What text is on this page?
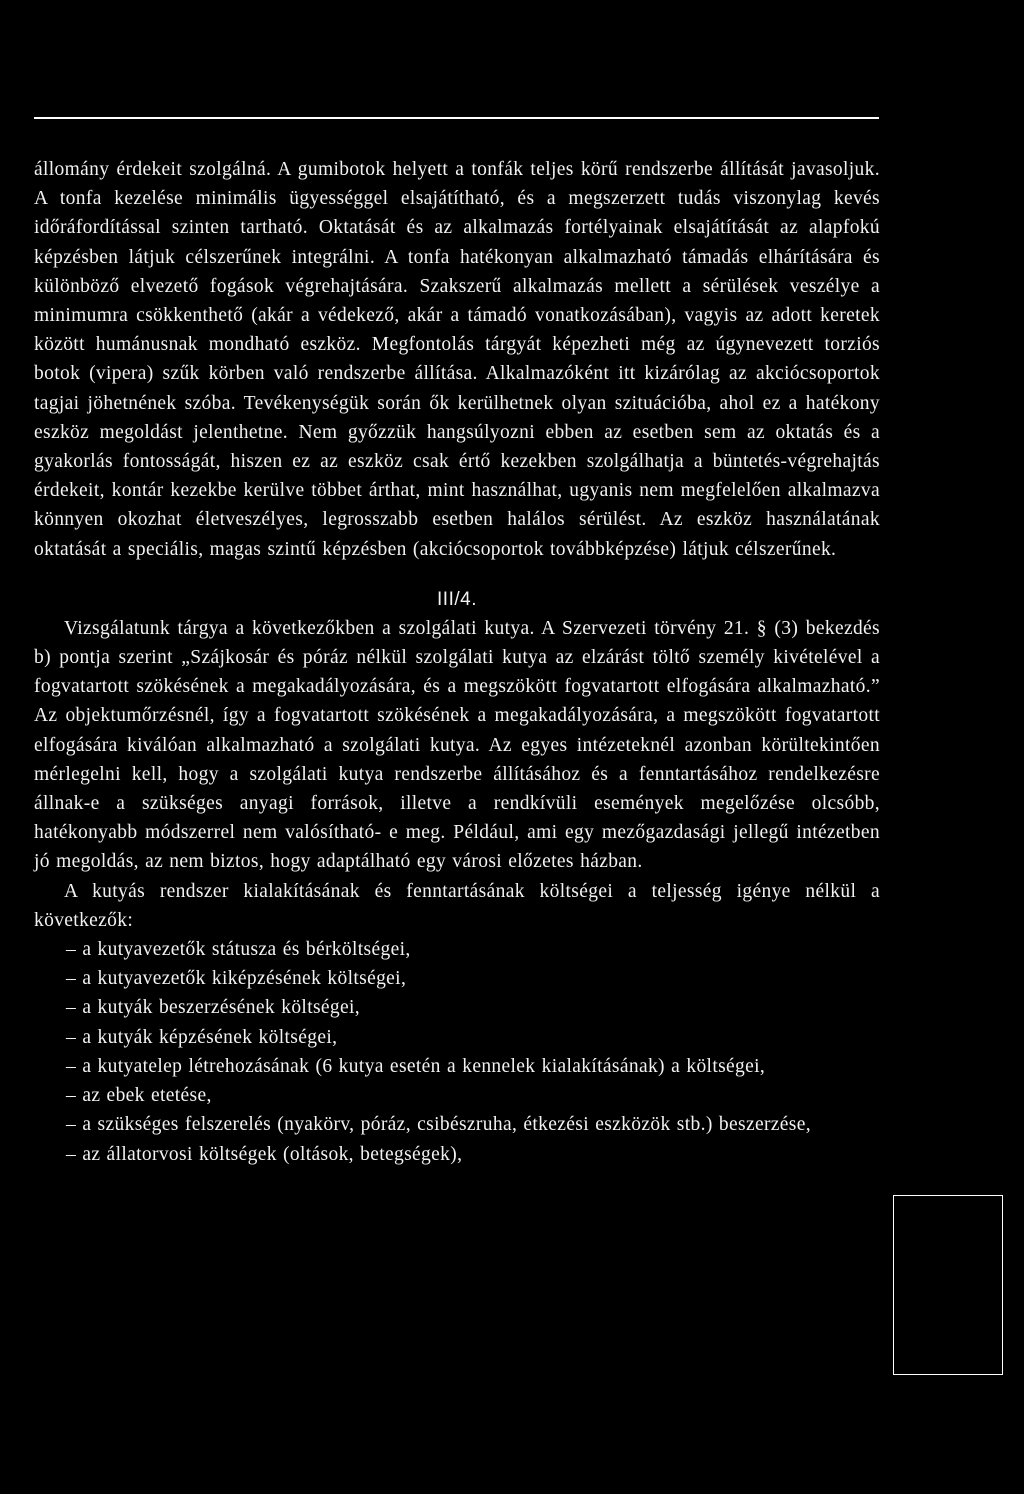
állomány érdekeit szolgálná. A gumibotok helyett a tonfák teljes körű rendszerbe állítását javasoljuk. A tonfa kezelése minimális ügyességgel elsajátítható, és a megszerzett tudás viszonylag kevés időráfordítással szinten tartható. Oktatását és az alkalmazás fortélyainak elsajátítását az alapfokú képzésben látjuk célszerűnek integrálni. A tonfa hatékonyan alkalmazható támadás elhárítására és különböző elvezető fogások végrehajtására. Szakszerű alkalmazás mellett a sérülések veszélye a minimumra csökkenthető (akár a védekező, akár a támadó vonatkozásában), vagyis az adott keretek között humánusnak mondható eszköz. Megfontolás tárgyát képezheti még az úgynevezett torziós botok (vipera) szűk körben való rendszerbe állítása. Alkalmazóként itt kizárólag az akciócsoportok tagjai jöhetnének szóba. Tevékenységük során ők kerülhetnek olyan szituációba, ahol ez a hatékony eszköz megoldást jelenthetne. Nem győzzük hangsúlyozni ebben az esetben sem az oktatás és a gyakorlás fontosságát, hiszen ez az eszköz csak értő kezekben szolgálhatja a büntetés-végrehajtás érdekeit, kontár kezekbe kerülve többet árthat, mint használhat, ugyanis nem megfelelően alkalmazva könnyen okozhat életveszélyes, legrosszabb esetben halálos sérülést. Az eszköz használatának oktatását a speciális, magas szintű képzésben (akciócsoportok továbbképzése) látjuk célszerűnek.

III/4.

Vizsgálatunk tárgya a következőkben a szolgálati kutya. A Szervezeti törvény 21. § (3) bekezdés b) pontja szerint „Szájkosár és póráz nélkül szolgálati kutya az elzárást töltő személy kivételével a fogvatartott szökésének a megakadályozására, és a megszökött fogvatartott elfogására alkalmazható.” Az objektumőrzésnél, így a fogvatartott szökésének a megakadályozására, a megszökött fogvatartott elfogására kiválóan alkalmazható a szolgálati kutya. Az egyes intézeteknél azonban körültekintően mérlegelni kell, hogy a szolgálati kutya rendszerbe állításához és a fenntartásához rendelkezésre állnak-e a szükséges anyagi források, illetve a rendkívüli események megelőzése olcsóbb, hatékonyabb módszerrel nem valósítható- e meg. Például, ami egy mezőgazdasági jellegű intézetben jó megoldás, az nem biztos, hogy adaptálható egy városi előzetes házban.

A kutyás rendszer kialakításának és fenntartásának költségei a teljesség igénye nélkül a következők:

– a kutyavezetők státusza és bérköltségei,
– a kutyavezetők kiképzésének költségei,
– a kutyák beszerzésének költségei,
– a kutyák képzésének költségei,
– a kutyatelep létrehozásának (6 kutya esetén a kennelek kialakításának) a költségei,
– az ebek etetése,
– a szükséges felszerelés (nyakörv, póráz, csibészruha, étkezési eszközök stb.) beszerzése,
– az állatorvosi költségek (oltások, betegségek),
